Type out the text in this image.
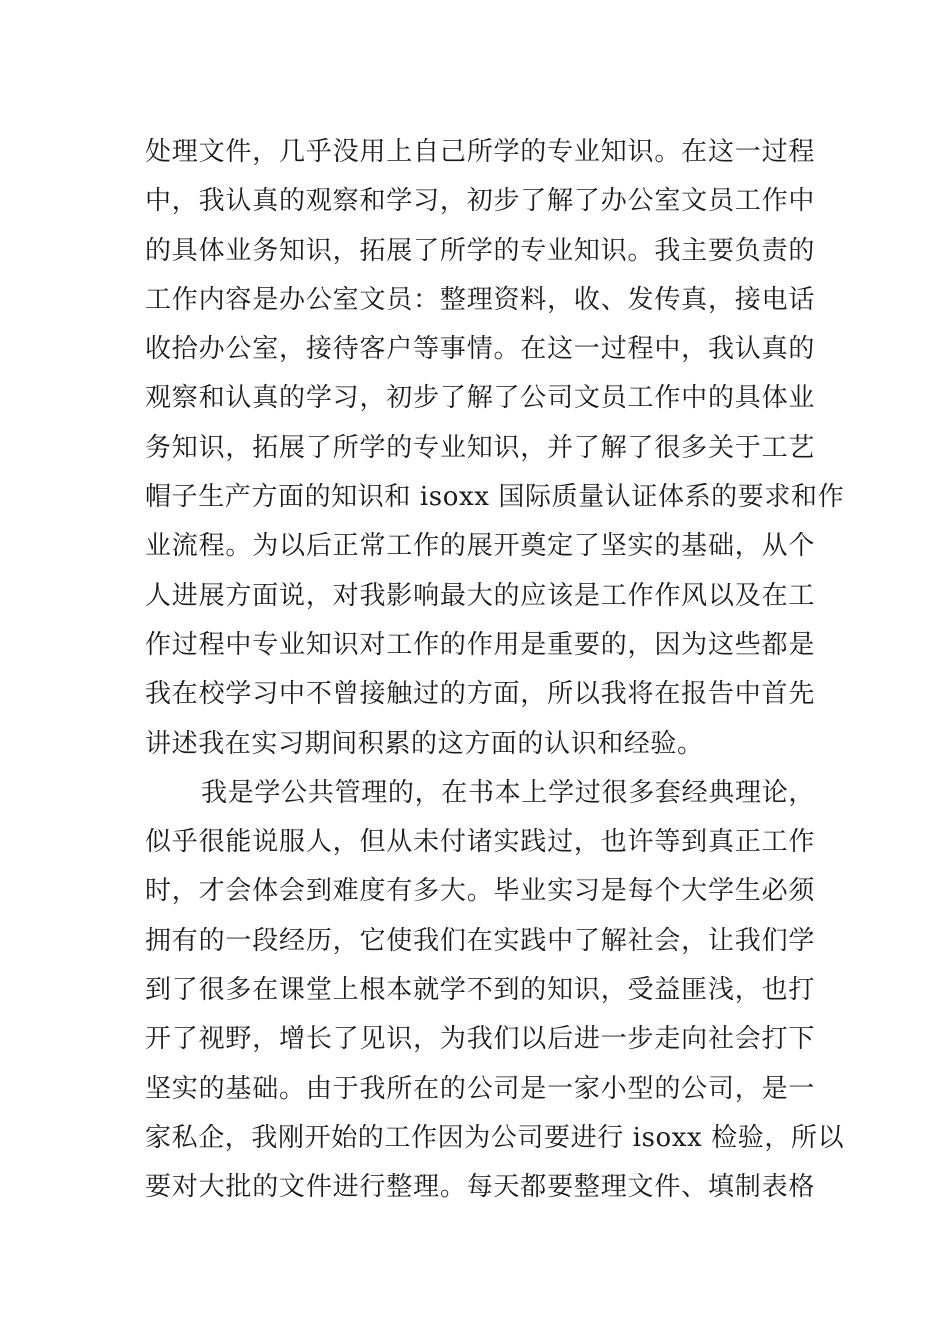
处理文件，几乎没用上自己所学的专业知识。在这一过程
中，我认真的观察和学习，初步了解了办公室文员工作中
的具体业务知识，拓展了所学的专业知识。我主要负责的
工作内容是办公室文员：整理资料，收、发传真，接电话
收拾办公室，接待客户等事情。在这一过程中，我认真的
观察和认真的学习，初步了解了公司文员工作中的具体业
务知识，拓展了所学的专业知识，并了解了很多关于工艺
帽子生产方面的知识和 isoxx 国际质量认证体系的要求和作
业流程。为以后正常工作的展开奠定了坚实的基础，从个
人进展方面说，对我影响最大的应该是工作作风以及在工
作过程中专业知识对工作的作用是重要的，因为这些都是
我在校学习中不曾接触过的方面，所以我将在报告中首先
讲述我在实习期间积累的这方面的认识和经验。
我是学公共管理的，在书本上学过很多套经典理论，
似乎很能说服人，但从未付诸实践过，也许等到真正工作
时，才会体会到难度有多大。毕业实习是每个大学生必须
拥有的一段经历，它使我们在实践中了解社会，让我们学
到了很多在课堂上根本就学不到的知识，受益匪浅，也打
开了视野，增长了见识，为我们以后进一步走向社会打下
坚实的基础。由于我所在的公司是一家小型的公司，是一
家私企，我刚开始的工作因为公司要进行 isoxx 检验，所以
要对大批的文件进行整理。每天都要整理文件、填制表格
